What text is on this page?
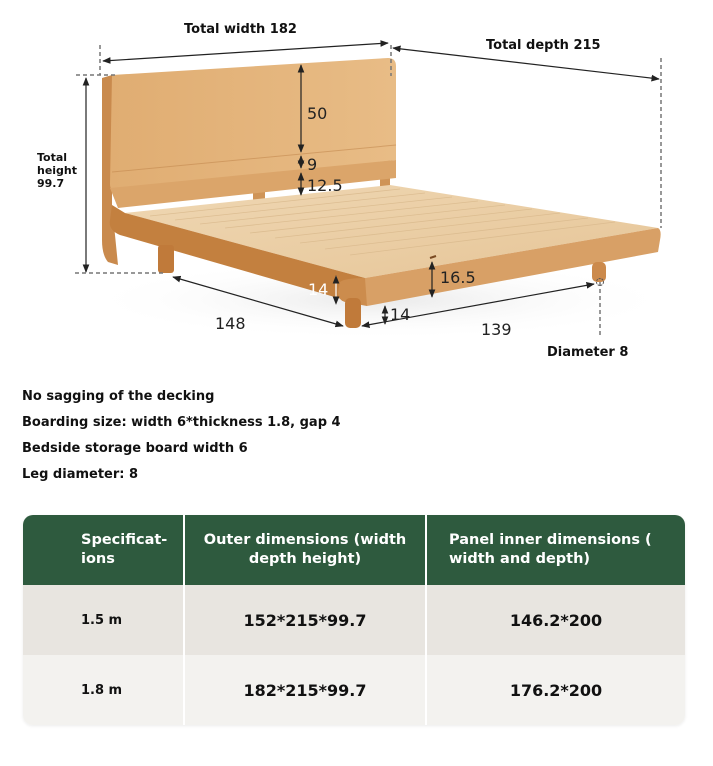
Total width 182
Total depth 215
Total
height
99.7
50
9
12.5
14
16.5
14
148	139
Diameter 8
No sagging of the decking
Boarding size: width 6*thickness 1.8, gap 4
Bedside storage board width 6
Leg diameter: 8
Specificat-
ions

Outer dimensions (width
depth height)

Panel inner dimensions (
width and depth)

1.5 m	152*215*99.7	146.2*200
1.8 m	182*215*99.7	176.2*200
